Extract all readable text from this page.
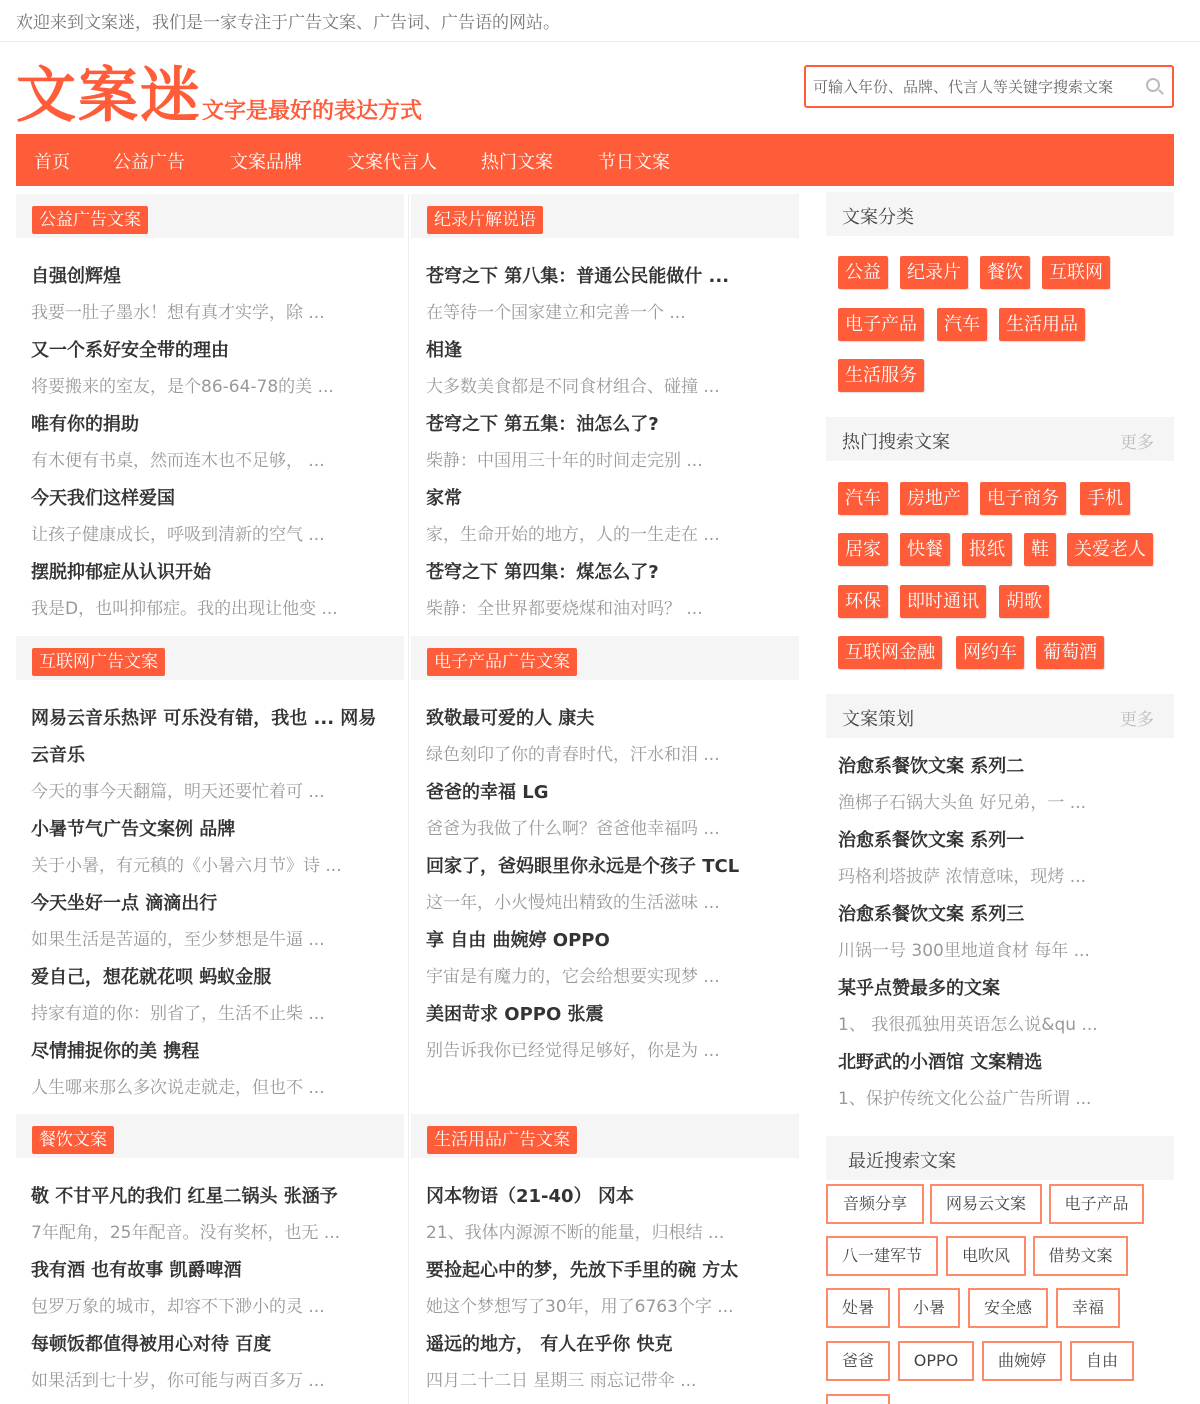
欢迎来到文案迷，我们是一家专注于广告文案、广告词、广告语的网站。
文案迷 文字是最好的表达方式
可输入年份、品牌、代言人等关键字搜索文案
首页 公益广告	文案品牌	文案代言人 热门文案	节日文案
公益广告文案
自强创辉煌
我要一肚子墨水！想有真才实学，除 ...
又一个系好安全带的理由
将要搬来的室友，是个86-64-78的美 ...
唯有你的捐助
有木便有书桌，然而连木也不足够， ...
今天我们这样爱国
让孩子健康成长，呼吸到清新的空气 ...
摆脱抑郁症从认识开始
我是D，也叫抑郁症。我的出现让他变 ...
纪录片解说语
苍穹之下 第八集：普通公民能做什 ...
在等待一个国家建立和完善一个 ...
相逢
大多数美食都是不同食材组合、碰撞 ...
苍穹之下 第五集：油怎么了?
柴静：中国用三十年的时间走完别 ...
家常
家，生命开始的地方，人的一生走在 ...
苍穹之下 第四集：煤怎么了?
柴静：全世界都要烧煤和油对吗？ ...
互联网广告文案
网易云音乐热评 可乐没有错，我也 ... 网易云音乐
今天的事今天翻篇，明天还要忙着可 ...
小暑节气广告文案例 品牌
关于小暑，有元稹的《小暑六月节》诗 ...
今天坐好一点 滴滴出行
如果生活是苦逼的，至少梦想是牛逼 ...
爱自己，想花就花呗 蚂蚁金服
持家有道的你：别省了，生活不止柴 ...
尽情捕捉你的美 携程
人生哪来那么多次说走就走，但也不 ...
电子产品广告文案
致敬最可爱的人 康夫
绿色刻印了你的青春时代，汗水和泪 ...
爸爸的幸福 LG
爸爸为我做了什么啊？爸爸他幸福吗 ...
回家了，爸妈眼里你永远是个孩子 TCL
这一年，小火慢炖出精致的生活滋味 ...
享 自由 曲婉婷 OPPO
宇宙是有魔力的，它会给想要实现梦 ...
美困苛求 OPPO 张震
别告诉我你已经觉得足够好，你是为 ...
餐饮文案
敬 不甘平凡的我们 红星二锅头 张涵予
7年配角，25年配音。没有奖杯，也无 ...
我有酒 也有故事 凯爵啤酒
包罗万象的城市，却容不下渺小的灵 ...
每顿饭都值得被用心对待 百度
如果活到七十岁，你可能与两百多万 ...
生活用品广告文案
冈本物语（21-40） 冈本
21、我体内源源不断的能量，归根结 ...
要捡起心中的梦，先放下手里的碗 方太
她这个梦想写了30年，用了6763个字 ...
遥远的地方， 有人在乎你 快克
四月二十二日 星期三 雨忘记带伞 ...
文案分类
公益	纪录片	餐饮	互联网
电子产品	汽车	生活用品
生活服务
热门搜索文案	更多
汽车	房地产	电子商务	手机
居家	快餐	报纸	鞋	关爱老人
环保	即时通讯	胡歌
互联网金融	网约车	葡萄酒
文案策划	更多
治愈系餐饮文案 系列二
渔梆子石锅大头鱼 好兄弟，一 ...
治愈系餐饮文案 系列一
玛格利塔披萨 浓情意味，现烤 ...
治愈系餐饮文案 系列三
川锅一号 300里地道食材 每年 ...
某乎点赞最多的文案
1、 我很孤独用英语怎么说&qu ...
北野武的小酒馆 文案精选
1、保护传统文化公益广告所谓 ...
最近搜索文案
音频分享	网易云文案	电子产品
八一建军节	电吹风	借势文案
处暑	小暑	安全感	幸福
爸爸	OPPO	曲婉婷	自由
